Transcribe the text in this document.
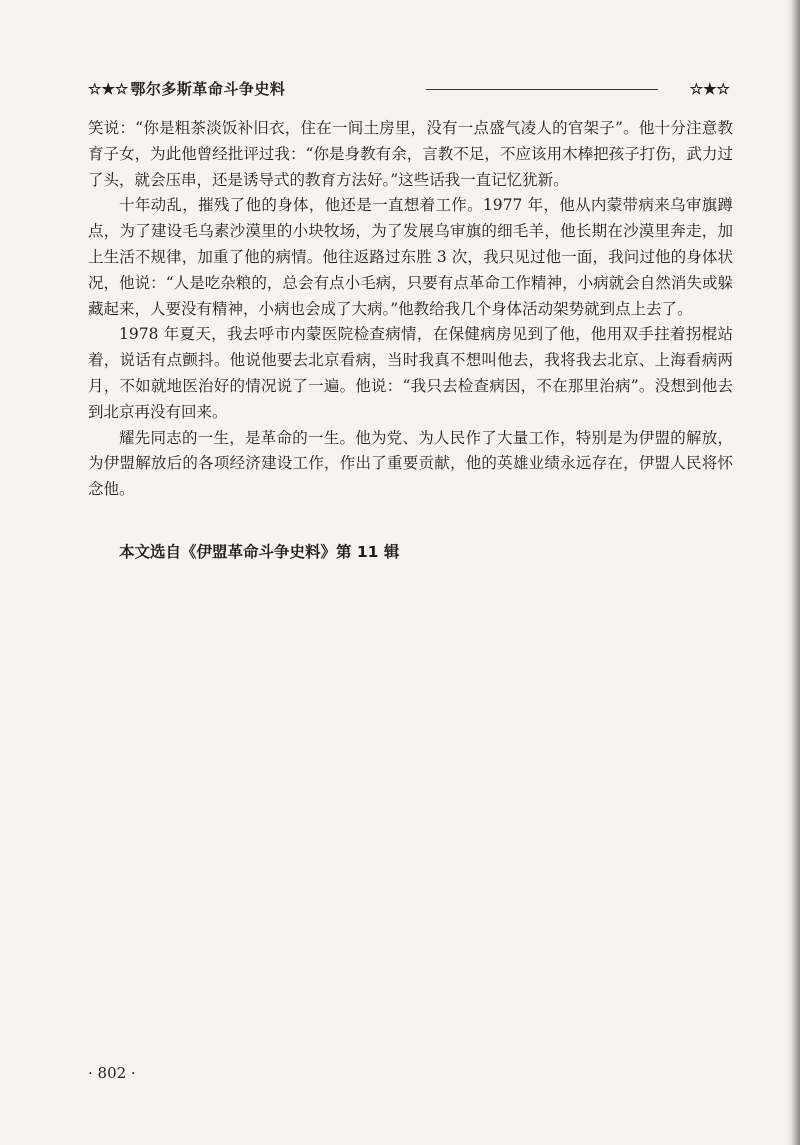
☆★☆ 鄂尔多斯革命斗争史料	☆★☆

笑说：“你是粗茶淡饭补旧衣，住在一间土房里，没有一点盛气凌人的官架子”。他十分注意教育子女，为此他曾经批评过我：“你是身教有余，言教不足，不应该用木棒把孩子打伤，武力过了头，就会压串，还是诱导式的教育方法好。”这些话我一直记忆犹新。

十年动乱，摧残了他的身体，他还是一直想着工作。1977 年，他从内蒙带病来乌审旗蹲点，为了建设毛乌素沙漠里的小块牧场，为了发展乌审旗的细毛羊，他长期在沙漠里奔走，加上生活不规律，加重了他的病情。他往返路过东胜 3 次，我只见过他一面，我问过他的身体状况，他说：“人是吃杂粮的，总会有点小毛病，只要有点革命工作精神，小病就会自然消失或躲藏起来，人要没有精神，小病也会成了大病。”他教给我几个身体活动架势就到点上去了。

1978 年夏天，我去呼市内蒙医院检查病情，在保健病房见到了他，他用双手拄着拐棍站着，说话有点颤抖。他说他要去北京看病，当时我真不想叫他去，我将我去北京、上海看病两月，不如就地医治好的情况说了一遍。他说：“我只去检查病因，不在那里治病”。没想到他去到北京再没有回来。

耀先同志的一生，是革命的一生。他为党、为人民作了大量工作，特别是为伊盟的解放，为伊盟解放后的各项经济建设工作，作出了重要贡献，他的英雄业绩永远存在，伊盟人民将怀念他。

本文选自《伊盟革命斗争史料》第 11 辑
· 802 ·
